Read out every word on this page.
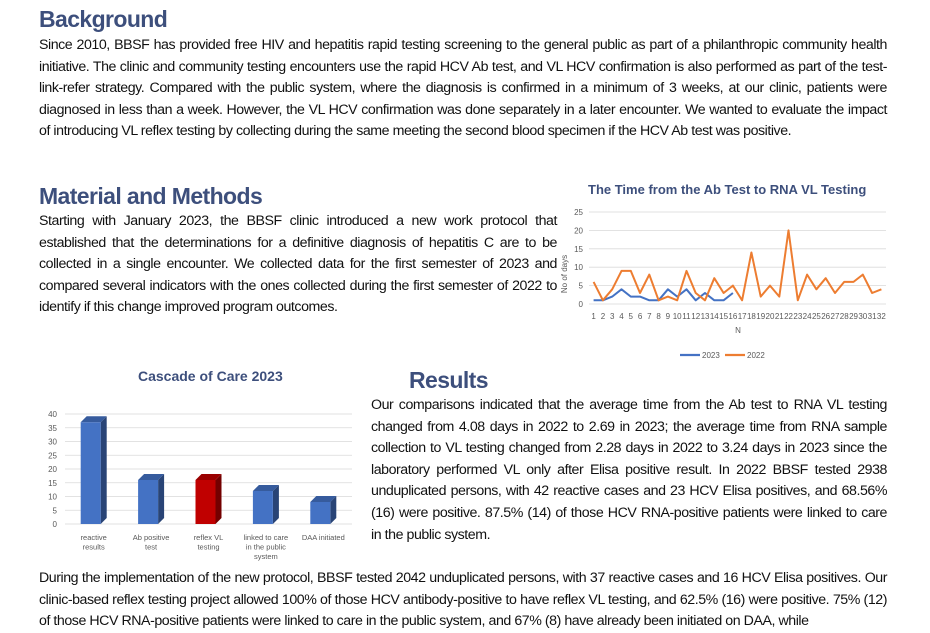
Background
Since 2010, BBSF has provided free HIV and hepatitis rapid testing screening to the general public as part of a philanthropic community health initiative. The clinic and community testing encounters use the rapid HCV Ab test, and VL HCV confirmation is also performed as part of the test-link-refer strategy. Compared with the public system, where the diagnosis is confirmed in a minimum of 3 weeks, at our clinic, patients were diagnosed in less than a week. However, the VL HCV confirmation was done separately in a later encounter. We wanted to evaluate the impact of introducing VL reflex testing by collecting during the same meeting the second blood specimen if the HCV Ab test was positive.
Material and Methods
Starting with January 2023, the BBSF clinic introduced a new work protocol that established that the determinations for a definitive diagnosis of hepatitis C are to be collected in a single encounter. We collected data for the first semester of 2023 and compared several indicators with the ones collected during the first semester of 2022 to identify if this change improved program outcomes.
Results
Our comparisons indicated that the average time from the Ab test to RNA VL testing changed from 4.08 days in 2022 to 2.69 in 2023; the average time from RNA sample collection to VL testing changed from 2.28 days in 2022 to 3.24 days in 2023 since the laboratory performed VL only after Elisa positive result. In 2022 BBSF tested 2938 unduplicated persons, with 42 reactive cases and 23 HCV Elisa positives, and 68.56% (16) were positive. 87.5% (14) of those HCV RNA-positive patients were linked to care in the public system.
During the implementation of the new protocol, BBSF tested 2042 unduplicated persons, with 37 reactive cases and 16 HCV Elisa positives. Our clinic-based reflex testing project allowed 100% of those HCV antibody-positive to have reflex VL testing, and 62.5% (16) were positive. 75% (12) of those HCV RNA-positive patients were linked to care in the public system, and 67% (8) have already been initiated on DAA, while
The Time from the Ab Test to RNA VL Testing
0
5
10
15
20
25
1 2 3 4 5 6 7 8 9 10 11 12 13 14 15 16 17 18 19 20 21 22 23 24 25 26 27 28 29 30 31 32
No of days
N
2023	2022
Cascade of Care 2023
0
5
10
15
20
25
30
35
40
reactive results
Ab positive test
reflex VL testing
linked to care in the public system
DAA initiated
